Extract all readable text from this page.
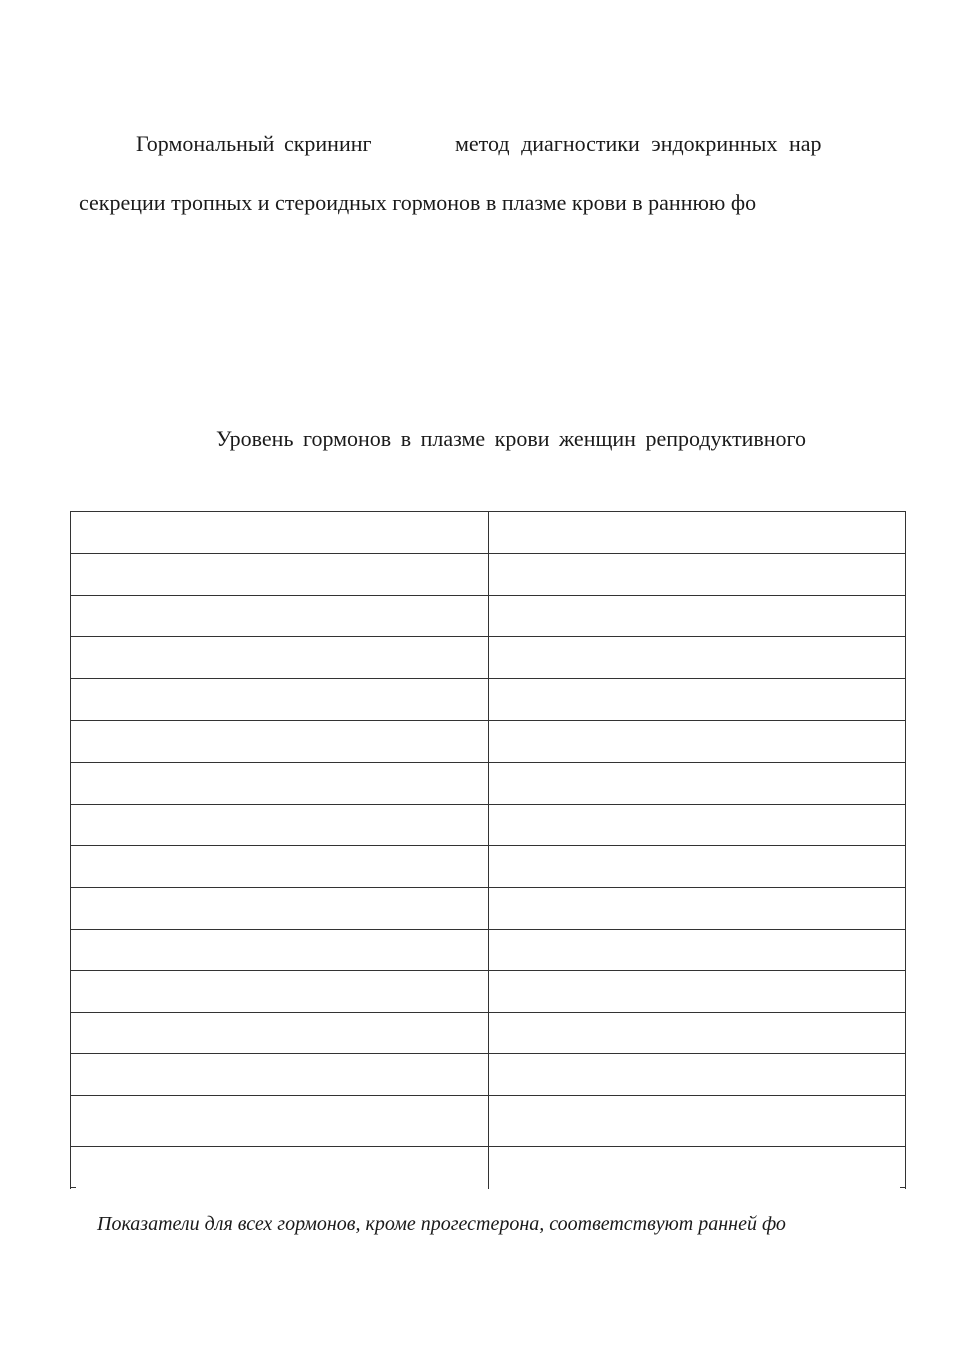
Гормональный скрининг	метод диагностики эндокринных нар
секреции тропных и стероидных гормонов в плазме крови в раннюю фо
Уровень гормонов в плазме крови женщин репродуктивного
Показатели для всех гормонов, кроме прогестерона, соответствуют ранней фо
